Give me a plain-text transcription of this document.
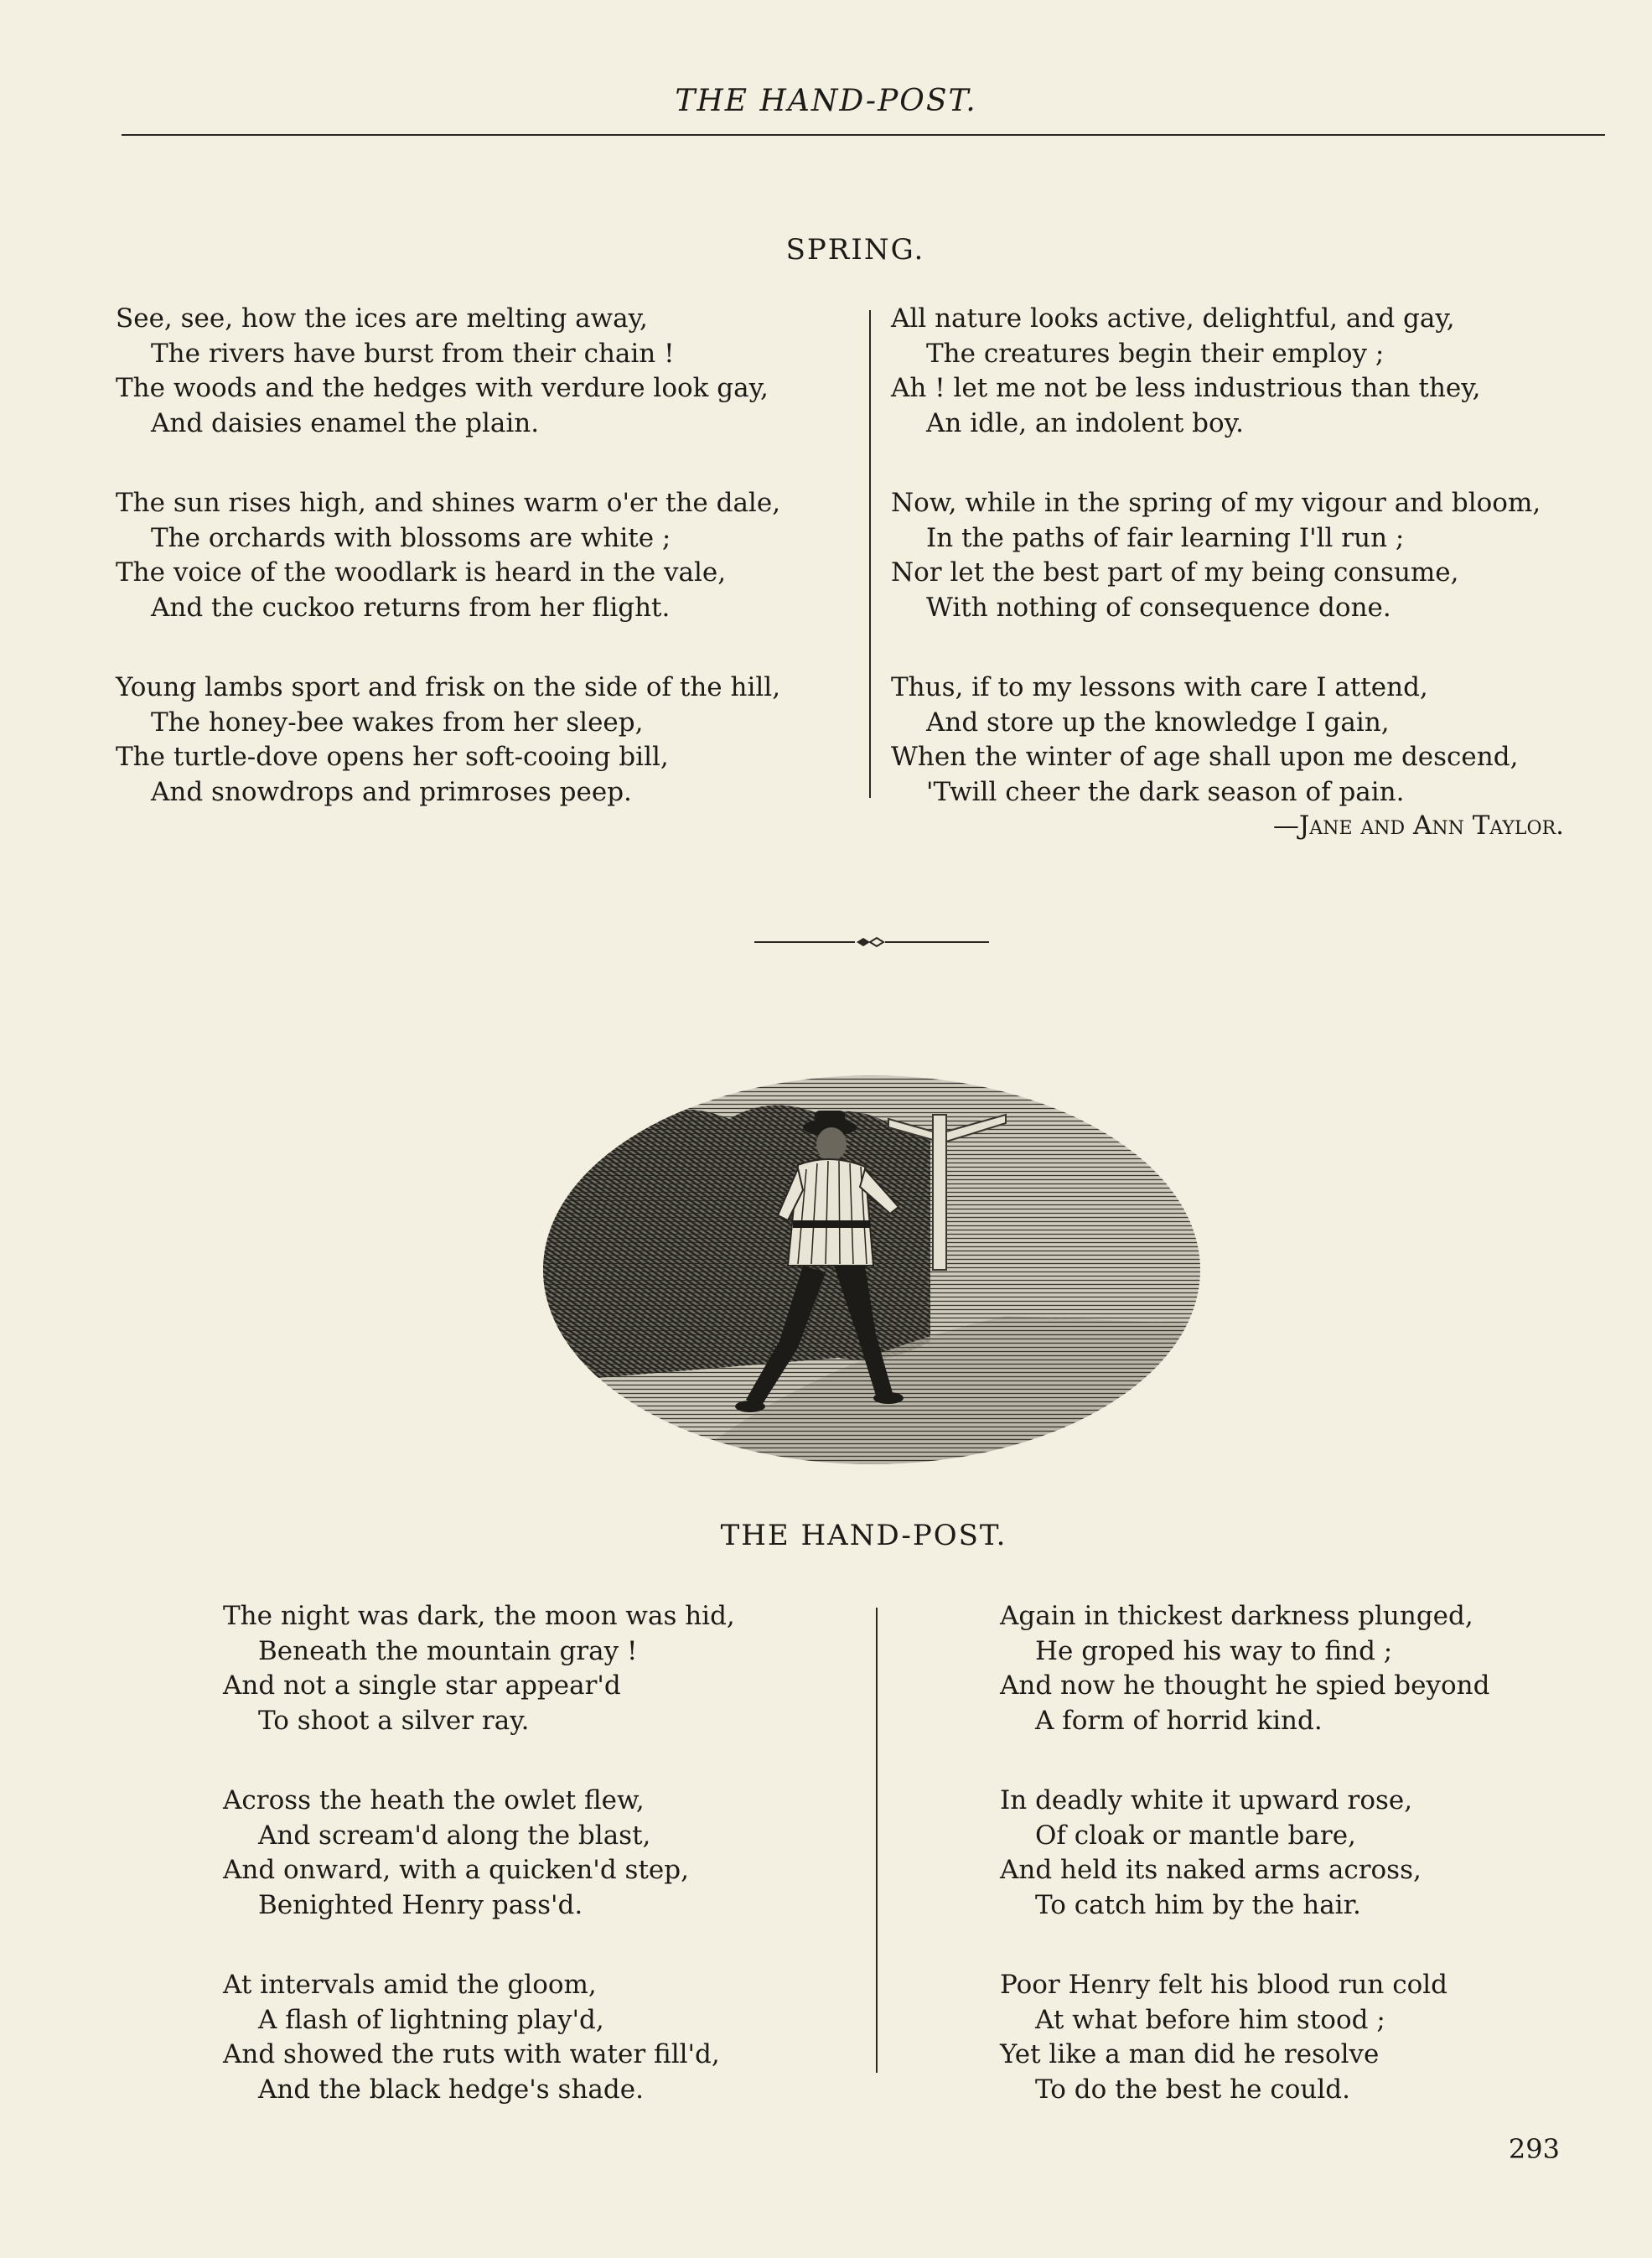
THE HAND-POST.
SPRING.
See, see, how the ices are melting away,
The rivers have burst from their chain !
The woods and the hedges with verdure look gay,
And daisies enamel the plain.
The sun rises high, and shines warm o'er the dale,
The orchards with blossoms are white ;
The voice of the woodlark is heard in the vale,
And the cuckoo returns from her flight.
Young lambs sport and frisk on the side of the hill,
The honey-bee wakes from her sleep,
The turtle-dove opens her soft-cooing bill,
And snowdrops and primroses peep.
All nature looks active, delightful, and gay,
The creatures begin their employ ;
Ah ! let me not be less industrious than they,
An idle, an indolent boy.
Now, while in the spring of my vigour and bloom,
In the paths of fair learning I'll run ;
Nor let the best part of my being consume,
With nothing of consequence done.
Thus, if to my lessons with care I attend,
And store up the knowledge I gain,
When the winter of age shall upon me descend,
'Twill cheer the dark season of pain.
—Jane and Ann Taylor.
THE HAND-POST.
The night was dark, the moon was hid,
Beneath the mountain gray !
And not a single star appear'd
To shoot a silver ray.
Across the heath the owlet flew,
And scream'd along the blast,
And onward, with a quicken'd step,
Benighted Henry pass'd.
At intervals amid the gloom,
A flash of lightning play'd,
And showed the ruts with water fill'd,
And the black hedge's shade.
Again in thickest darkness plunged,
He groped his way to find ;
And now he thought he spied beyond
A form of horrid kind.
In deadly white it upward rose,
Of cloak or mantle bare,
And held its naked arms across,
To catch him by the hair.
Poor Henry felt his blood run cold
At what before him stood ;
Yet like a man did he resolve
To do the best he could.
293
